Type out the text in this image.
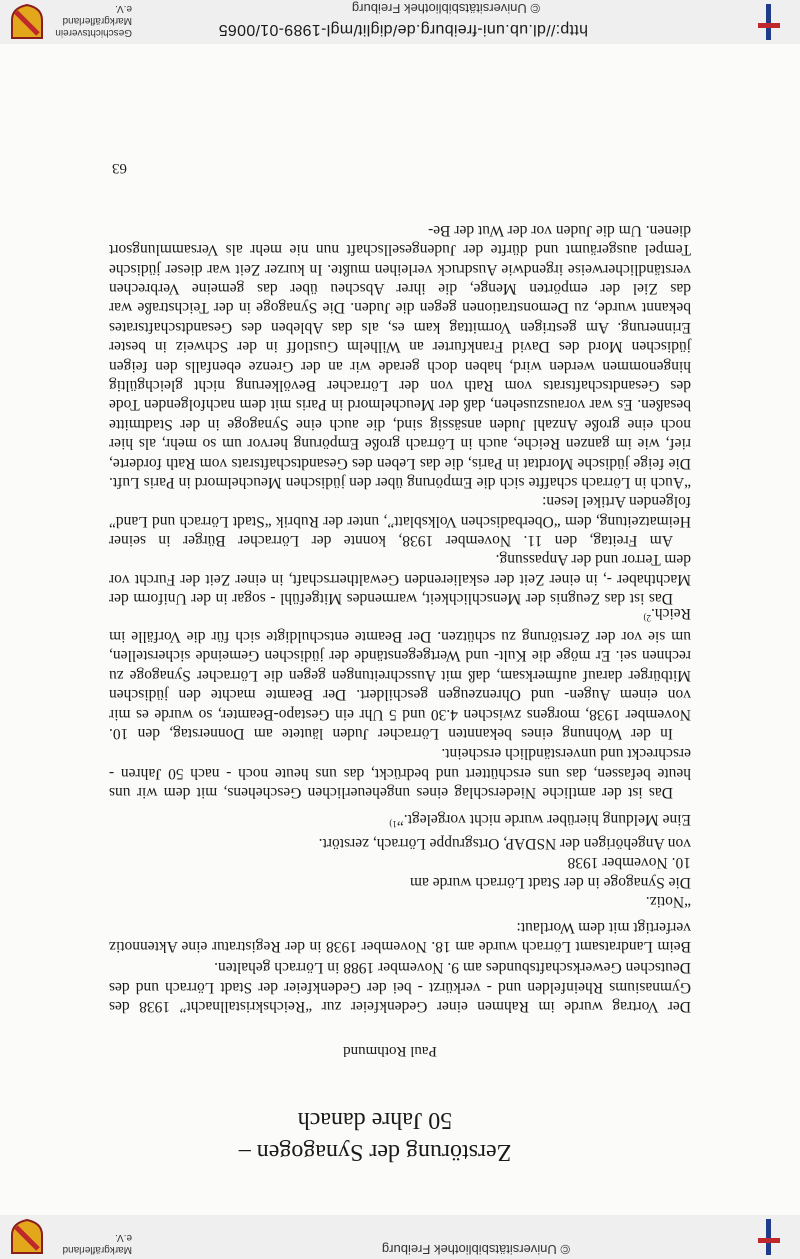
© Universitätsbibliothek Freiburg
Markgräflerland e.V.
Zerstörung der Synagogen –
50 Jahre danach
Paul Rothmund

Der Vortrag wurde im Rahmen einer Gedenkfeier zur “Reichskristallnacht” 1938 des Gymnasiums Rheinfelden und - verkürzt - bei der Gedenkfeier der Stadt Lörrach und des Deutschen Gewerkschaftsbundes am 9. November 1988 in Lörrach gehalten.

Beim Landratsamt Lörrach wurde am 18. November 1938 in der Registratur eine Aktennotiz verfertigt mit dem Wortlaut:

“Notiz.

Die Synagoge in der Stadt Lörrach wurde am

10. November 1938

von Angehörigen der NSDAP, Ortsgruppe Lörrach, zerstört.

Eine Meldung hierüber wurde nicht vorgelegt.”$^{1)}$

Das ist der amtliche Niederschlag eines ungeheuerlichen Geschehens, mit dem wir uns heute befassen, das uns erschüttert und bedrückt, das uns heute noch - nach 50 Jahren - erschreckt und unverständlich erscheint.

In der Wohnung eines bekannten Lörracher Juden läutete am Donnerstag, den 10. November 1938, morgens zwischen 4.30 und 5 Uhr ein Gestapo-Beamter, so wurde es mir von einem Augen- und Ohrenzeugen geschildert. Der Beamte machte den jüdischen Mitbürger darauf aufmerksam, daß mit Ausschreitungen gegen die Lörracher Synagoge zu rechnen sei. Er möge die Kult- und Wertgegenstände der jüdischen Gemeinde sicherstellen, um sie vor der Zerstörung zu schützen. Der Beamte entschuldigte sich für die Vorfälle im Reich.$^{2)}$

Das ist das Zeugnis der Menschlichkeit, warmendes Mitgefühl - sogar in der Uniform der Machthaber -, in einer Zeit der eskalierenden Gewaltherrschaft, in einer Zeit der Furcht vor dem Terror und der Anpassung.

Am Freitag, den 11. November 1938, konnte der Lörracher Bürger in seiner Heimatzeitung, dem “Oberbadischen Volksblatt”, unter der Rubrik “Stadt Lörrach und Land” folgenden Artikel lesen:

“Auch in Lörrach schaffte sich die Empörung über den jüdischen Meuchelmord in Paris Luft. Die feige jüdische Mordtat in Paris, die das Leben des Gesandtschaftsrats vom Rath forderte, rief, wie im ganzen Reiche, auch in Lörrach große Empörung hervor um so mehr, als hier noch eine große Anzahl Juden ansässig sind, die auch eine Synagoge in der Stadtmitte besaßen. Es war vorauszusehen, daß der Meuchelmord in Paris mit dem nachfolgenden Tode des Gesandtschaftsrats vom Rath von der Lörracher Bevölkerung nicht gleichgültig hingenommen werden wird, haben doch gerade wir an der Grenze ebenfalls den feigen jüdischen Mord des David Frankfurter an Wilhelm Gustloff in der Schweiz in bester Erinnerung. Am gestrigen Vormittag kam es, als das Ableben des Gesandtschaftsrates bekannt wurde, zu Demonstrationen gegen die Juden. Die Synagoge in der Teichstraße war das Ziel der empörten Menge, die ihrer Abscheu über das gemeine Verbrechen verständlicherweise irgendwie Ausdruck verleihen mußte. In kurzer Zeit war dieser jüdische Tempel ausgeräumt und dürfte der Judengesellschaft nun nie mehr als Versammlungsort dienen. Um die Juden vor der Wut der Be-

63
http://dl.ub.uni-freiburg.de/diglit/mgl-1989-01/0065
© Universitätsbibliothek Freiburg
Geschichtsverein Markgräflerland e.V.
